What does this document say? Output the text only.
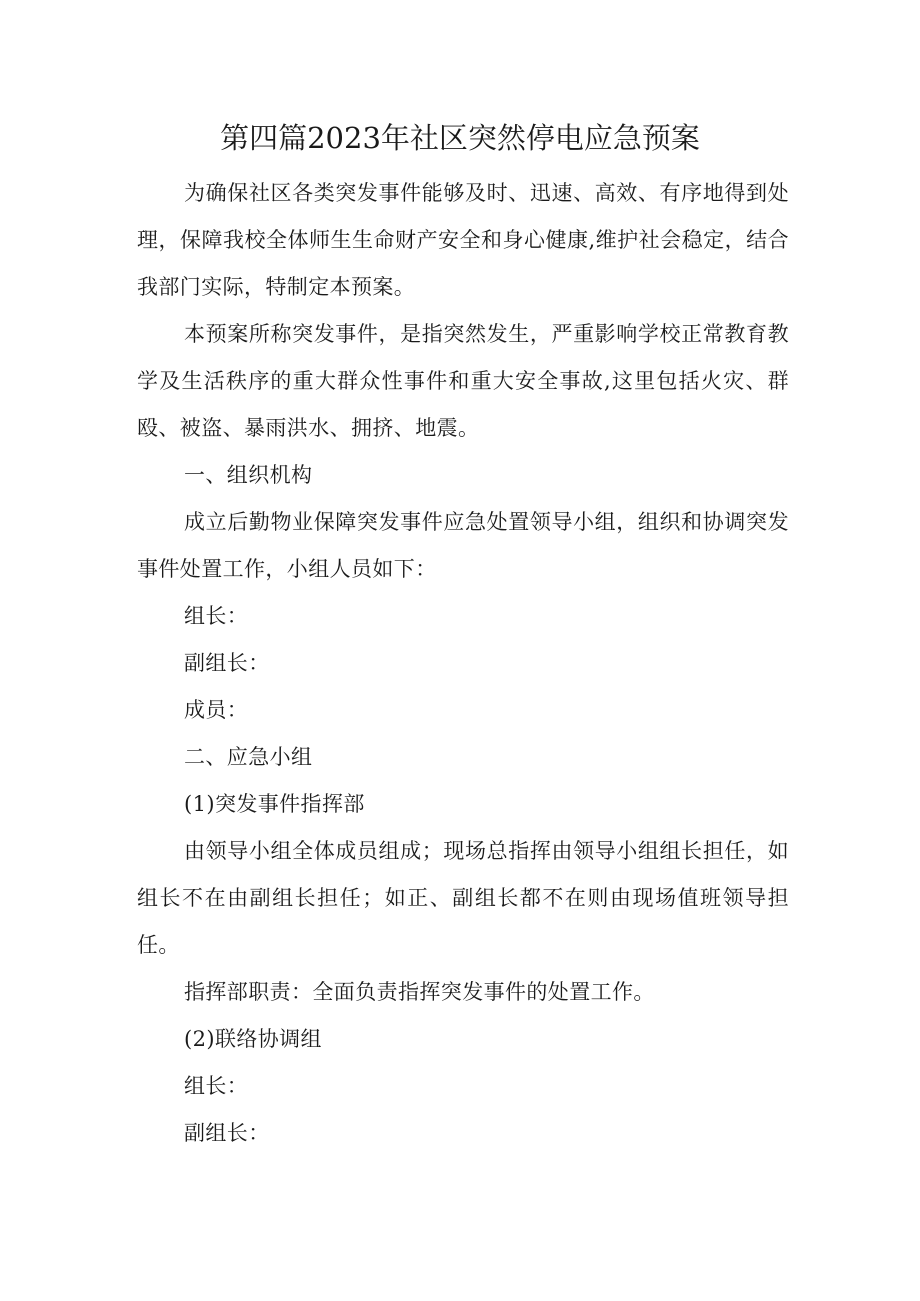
第四篇2023年社区突然停电应急预案

为确保社区各类突发事件能够及时、迅速、高效、有序地得到处理，保障我校全体师生生命财产安全和身心健康,维护社会稳定，结合我部门实际，特制定本预案。

本预案所称突发事件，是指突然发生，严重影响学校正常教育教学及生活秩序的重大群众性事件和重大安全事故,这里包括火灾、群殴、被盗、暴雨洪水、拥挤、地震。

一、组织机构

成立后勤物业保障突发事件应急处置领导小组，组织和协调突发事件处置工作，小组人员如下：

组长：

副组长：

成员：

二、应急小组

(1)突发事件指挥部

由领导小组全体成员组成；现场总指挥由领导小组组长担任，如组长不在由副组长担任；如正、副组长都不在则由现场值班领导担任。

指挥部职责：全面负责指挥突发事件的处置工作。

(2)联络协调组

组长：

副组长：
